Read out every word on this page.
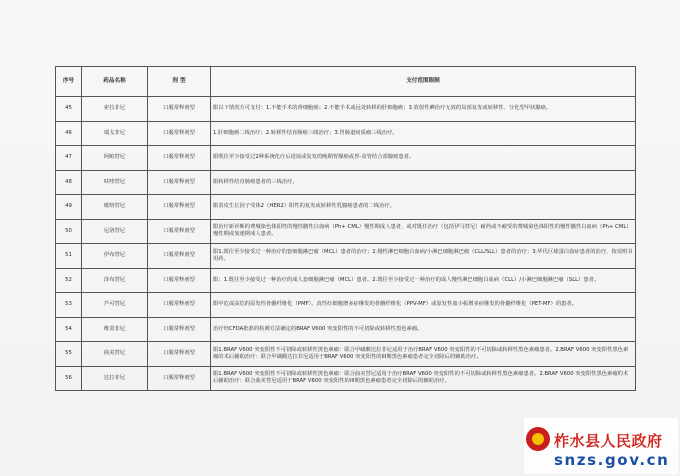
序号	药品名称	剂 型	支付范围限制
45	索拉非尼	口服常释剂型	限以下情况方可支付：1.不能手术的肾细胞癌；2.不能手术或远处转移的肝细胞癌；3.放射性碘治疗无效的局部复发或转移性、分化型甲状腺癌。
46	瑞戈非尼	口服常释剂型	1.肝细胞癌二线治疗；2.转移性结直肠癌三线治疗；3.胃肠道间质瘤三线治疗。
47	阿帕替尼	口服常释剂型	限既往至少接受过2种系统化疗后进展或复发的晚期胃腺癌或胃-食管结合部腺癌患者。
48	呋喹替尼	口服常释剂型	限转移性结直肠癌患者的三线治疗。
49	吡咯替尼	口服常释剂型	限表皮生长因子受体2（HER2）阳性的复发或转移性乳腺癌患者的二线治疗。
50	尼洛替尼	口服常释剂型	限治疗新诊断的费城染色体阳性的慢性髓性白血病（Ph+ CML）慢性期成人患者，或对既往治疗（包括伊马替尼）耐药或不耐受的费城染色体阳性的慢性髓性白血病（Ph+ CML）慢性期或加速期成人患者。
51	伊布替尼	口服常释剂型	限1.既往至少接受过一种治疗的套细胞淋巴瘤（MCL）患者的治疗；2.慢性淋巴细胞白血病/小淋巴细胞淋巴瘤（CLL/SLL）患者的治疗；3.华氏巨球蛋白血症患者的治疗，按说明书用药。
52	泽布替尼	口服常释剂型	限：1.既往至少接受过一种治疗的成人套细胞淋巴瘤（MCL）患者。2.既往至少接受过一种治疗的成人慢性淋巴细胞白血病（CLL）/小淋巴细胞淋巴瘤（SLL）患者。
53	芦可替尼	口服常释剂型	限中危或高危的原发性骨髓纤维化（PMF）、真性红细胞增多症继发的骨髓纤维化（PPV-MF）或原发性血小板增多症继发的骨髓纤维化（PET-MF）的患者。
54	维莫非尼	口服常释剂型	治疗经CFDA批准的检测方法确定的BRAF V600 突变阳性的不可切除或转移性黑色素瘤。
55	曲美替尼	口服常释剂型	限1.BRAF V600 突变阳性不可切除或转移性黑色素瘤：联合甲磺酸达拉非尼适用于治疗BRAF V600 突变阳性的不可切除或转移性黑色素瘤患者。2.BRAF V600 突变阳性黑色素瘤的术后辅助治疗：联合甲磺酸达拉非尼适用于BRAF V600 突变阳性的III期黑色素瘤患者完全切除后的辅助治疗。
56	达拉非尼	口服常释剂型	限1.BRAF V600 突变阳性不可切除或转移性黑色素瘤：联合曲美替尼适用于治疗BRAF V600 突变阳性的不可切除或转移性黑色素瘤患者。2.BRAF V600 突变阳性黑色素瘤的术后辅助治疗：联合曲美替尼适用于BRAF V600 突变阳性的III期黑色素瘤患者完全切除后的辅助治疗。
柞水县人民政府
snzs.gov.cn
